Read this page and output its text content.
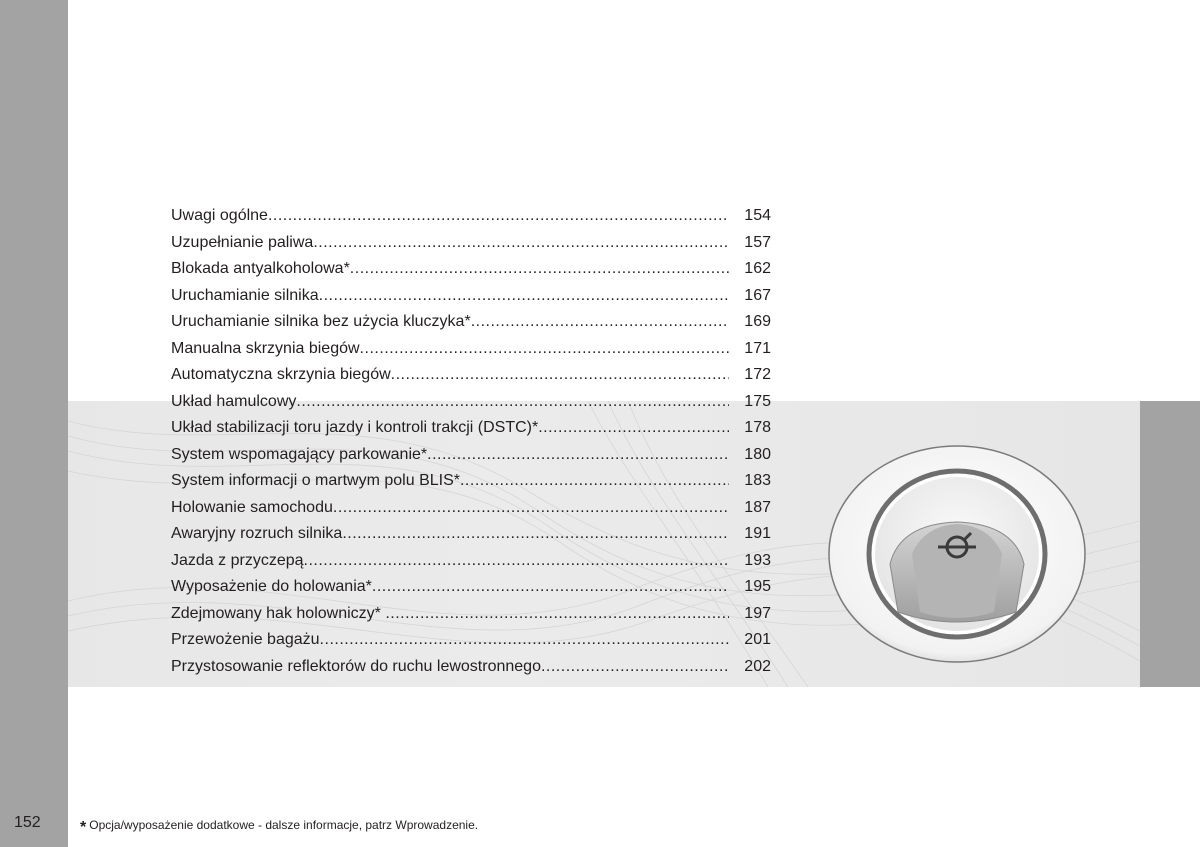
Uwagi ogólne .....	154
Uzupełnianie paliwa .....	157
Blokada antyalkoholowa* .....	162
Uruchamianie silnika .....	167
Uruchamianie silnika bez użycia kluczyka* .....	169
Manualna skrzynia biegów .....	171
Automatyczna skrzynia biegów .....	172
Układ hamulcowy .....	175
Układ stabilizacji toru jazdy i kontroli trakcji (DSTC)* .....	178
System wspomagający parkowanie* .....	180
System informacji o martwym polu BLIS* .....	183
Holowanie samochodu .....	187
Awaryjny rozruch silnika .....	191
Jazda z przyczepą .....	193
Wyposażenie do holowania* .....	195
Zdejmowany hak holowniczy* .....	197
Przewożenie bagażu .....	201
Przystosowanie reflektorów do ruchu lewostronnego .....	202
152	* Opcja/wyposażenie dodatkowe - dalsze informacje, patrz Wprowadzenie.
